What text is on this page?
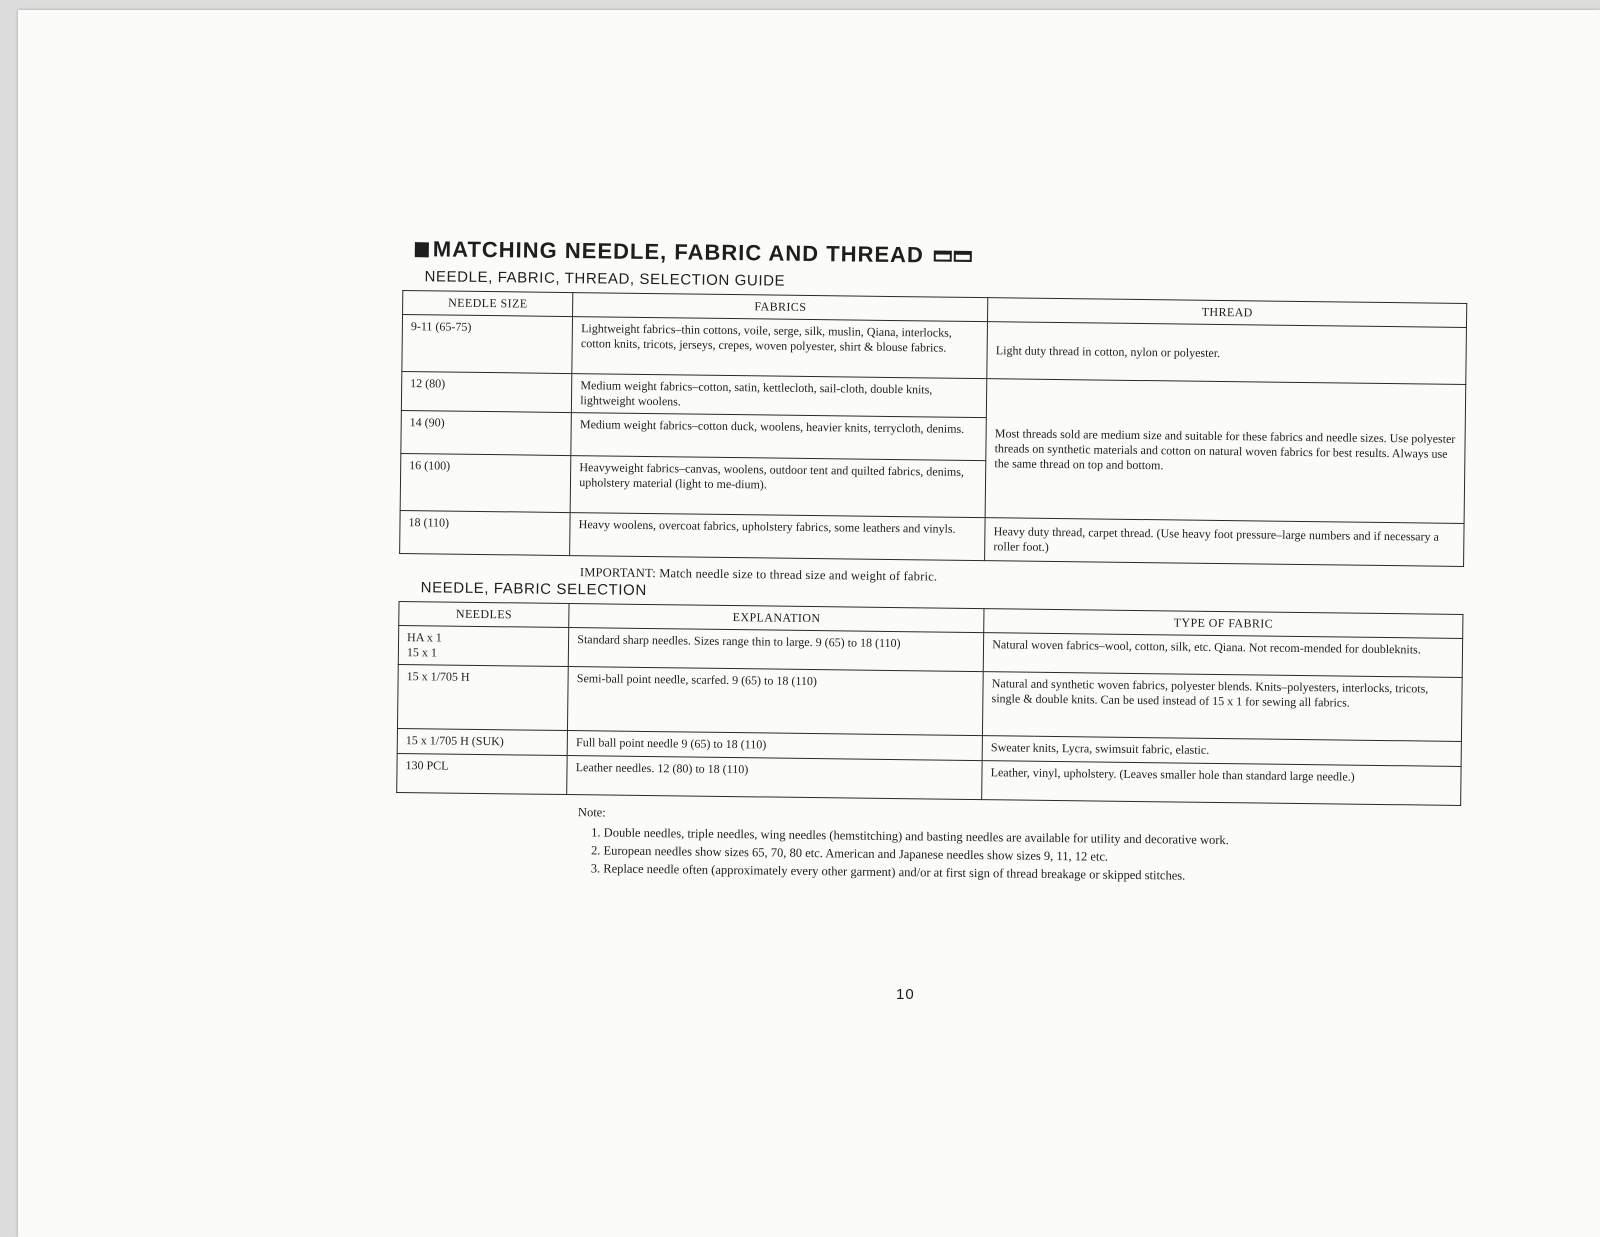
MATCHING NEEDLE, FABRIC AND THREAD
NEEDLE, FABRIC, THREAD, SELECTION GUIDE
NEEDLE SIZE	FABRICS	THREAD
9-11 (65-75)	Lightweight fabrics–thin cottons, voile, serge, silk, muslin, Qiana, interlocks, cotton knits, tricots, jerseys, crepes, woven polyester, shirt & blouse fabrics.	Light duty thread in cotton, nylon or polyester.
12 (80)	Medium weight fabrics–cotton, satin, kettlecloth, sail-cloth, double knits, lightweight woolens.	Most threads sold are medium size and suitable for these fabrics and needle sizes. Use polyester threads on synthetic materials and cotton on natural woven fabrics for best results. Always use the same thread on top and bottom.
14 (90)	Medium weight fabrics–cotton duck, woolens, heavier knits, terrycloth, denims.	
16 (100)	Heavyweight fabrics–canvas, woolens, outdoor tent and quilted fabrics, denims, upholstery material (light to me-dium).	
18 (110)	Heavy woolens, overcoat fabrics, upholstery fabrics, some leathers and vinyls.	Heavy duty thread, carpet thread. (Use heavy foot pressure–large numbers and if necessary a roller foot.)
IMPORTANT: Match needle size to thread size and weight of fabric.
NEEDLE, FABRIC SELECTION
NEEDLES	EXPLANATION	TYPE OF FABRIC
HA x 1
15 x 1	Standard sharp needles. Sizes range thin to large. 9 (65) to 18 (110)	Natural woven fabrics–wool, cotton, silk, etc. Qiana. Not recom-mended for doubleknits.
15 x 1/705 H	Semi-ball point needle, scarfed. 9 (65) to 18 (110)	Natural and synthetic woven fabrics, polyester blends. Knits–polyesters, interlocks, tricots, single & double knits. Can be used instead of 15 x 1 for sewing all fabrics.
15 x 1/705 H (SUK)	Full ball point needle 9 (65) to 18 (110)	Sweater knits, Lycra, swimsuit fabric, elastic.
130 PCL	Leather needles. 12 (80) to 18 (110)	Leather, vinyl, upholstery. (Leaves smaller hole than standard large needle.)
Note:
1. Double needles, triple needles, wing needles (hemstitching) and basting needles are available for utility and decorative work.
2. European needles show sizes 65, 70, 80 etc. American and Japanese needles show sizes 9, 11, 12 etc.
3. Replace needle often (approximately every other garment) and/or at first sign of thread breakage or skipped stitches.
10
